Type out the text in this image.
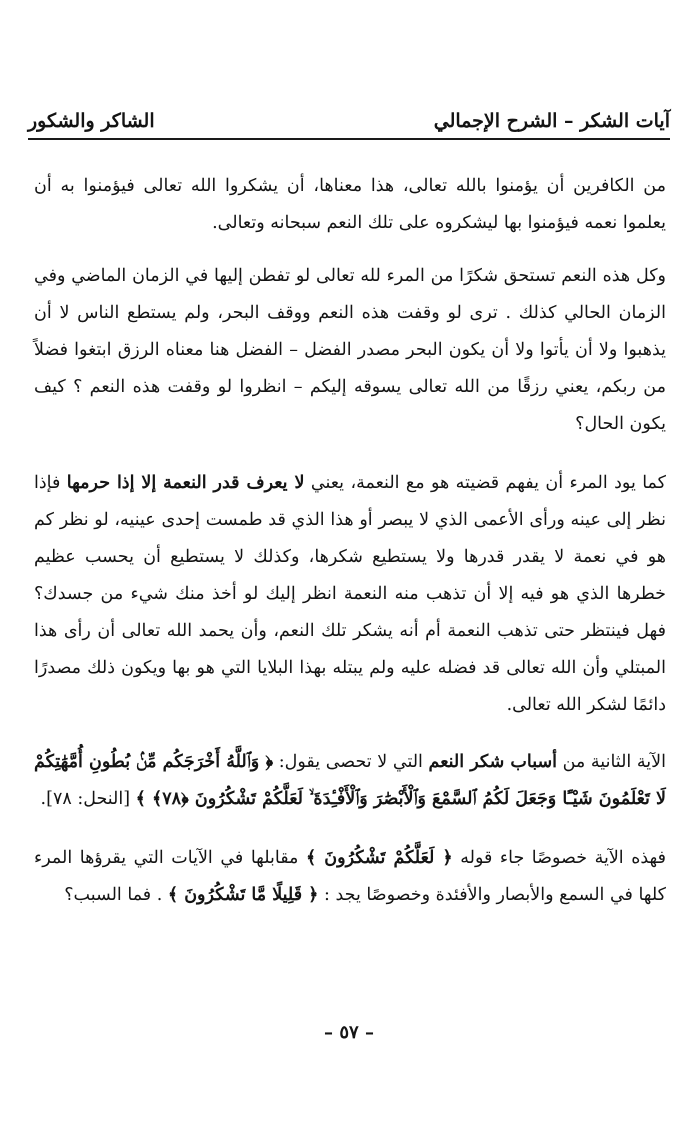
آيات الشكر – الشرح الإجمالي
الشاكر والشكور

من الكافرين أن يؤمنوا بالله تعالى، هذا معناها، أن يشكروا الله تعالى فيؤمنوا به أن يعلموا نعمه فيؤمنوا بها ليشكروه على تلك النعم سبحانه وتعالى.

وكل هذه النعم تستحق شكرًا من المرء لله تعالى لو تفطن إليها في الزمان الماضي وفي الزمان الحالي كذلك . ترى لو وقفت هذه النعم ووقف البحر، ولم يستطع الناس لا أن يذهبوا ولا أن يأتوا ولا أن يكون البحر مصدر الفضل – الفضل هنا معناه الرزق ابتغوا فضلاً من ربكم، يعني رزقًا من الله تعالى يسوقه إليكم – انظروا لو وقفت هذه النعم ؟ كيف يكون الحال؟

كما يود المرء أن يفهم قضيته هو مع النعمة، يعني لا يعرف قدر النعمة إلا إذا حرمها فإذا نظر إلى عينه ورأى الأعمى الذي لا يبصر أو هذا الذي قد طمست إحدى عينيه، لو نظر كم هو في نعمة لا يقدر قدرها ولا يستطيع شكرها، وكذلك لا يستطيع أن يحسب عظيم خطرها الذي هو فيه إلا أن تذهب منه النعمة انظر إليك لو أخذ منك شيء من جسدك؟ فهل فينتظر حتى تذهب النعمة أم أنه يشكر تلك النعم، وأن يحمد الله تعالى أن رأى هذا المبتلي وأن الله تعالى قد فضله عليه ولم يبتله بهذا البلايا التي هو بها ويكون ذلك مصدرًا دائمًا لشكر الله تعالى.

الآية الثانية من أسباب شكر النعم التي لا تحصى يقول: ﴿ وَٱللَّهُ أَخْرَجَكُم مِّنۢ بُطُونِ أُمَّهَٰتِكُمْ لَا تَعْلَمُونَ شَيْـًٔا وَجَعَلَ لَكُمُ ٱلسَّمْعَ وَٱلْأَبْصَٰرَ وَٱلْأَفْـِٔدَةَ ۙ لَعَلَّكُمْ تَشْكُرُونَ ﴿٧٨﴾ ﴾ [النحل: ٧٨].

فهذه الآية خصوصًا جاء قوله ﴿ لَعَلَّكُمْ تَشْكُرُونَ ﴾ مقابلها في الآيات التي يقرؤها المرء كلها في السمع والأبصار والأفئدة وخصوصًا يجد : ﴿ قَلِيلًا مَّا تَشْكُرُونَ ﴾ . فما السبب؟

– ٥٧ –
